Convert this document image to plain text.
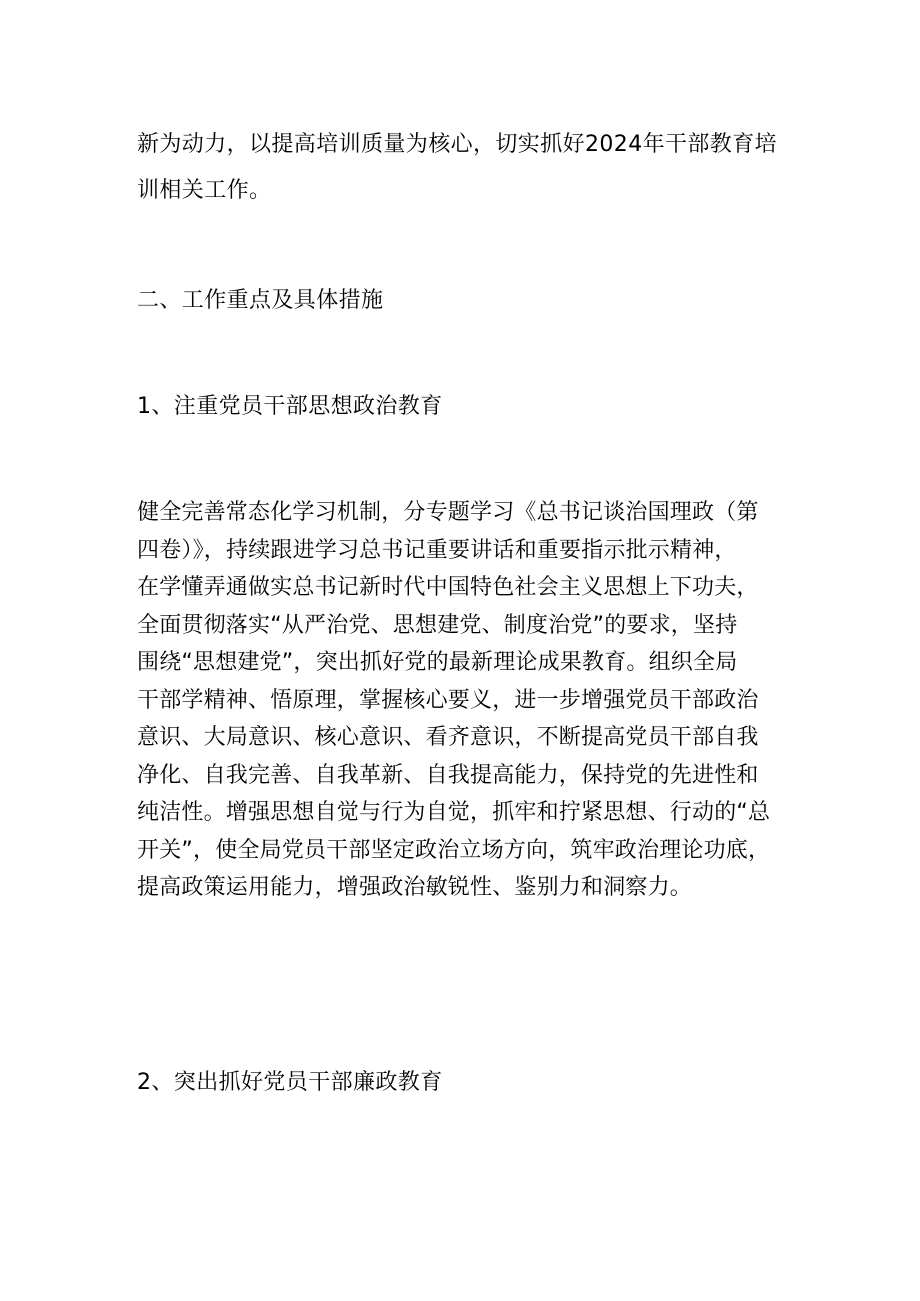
新为动力，以提高培训质量为核心，切实抓好2024年干部教育培
训相关工作。
二、工作重点及具体措施
1、注重党员干部思想政治教育
健全完善常态化学习机制，分专题学习《总书记谈治国理政（第
四卷）》，持续跟进学习总书记重要讲话和重要指示批示精神，
在学懂弄通做实总书记新时代中国特色社会主义思想上下功夫，
全面贯彻落实“从严治党、思想建党、制度治党”的要求，坚持
围绕“思想建党”，突出抓好党的最新理论成果教育。组织全局
干部学精神、悟原理，掌握核心要义，进一步增强党员干部政治
意识、大局意识、核心意识、看齐意识，不断提高党员干部自我
净化、自我完善、自我革新、自我提高能力，保持党的先进性和
纯洁性。增强思想自觉与行为自觉，抓牢和拧紧思想、行动的“总
开关”，使全局党员干部坚定政治立场方向，筑牢政治理论功底，
提高政策运用能力，增强政治敏锐性、鉴别力和洞察力。
2、突出抓好党员干部廉政教育
